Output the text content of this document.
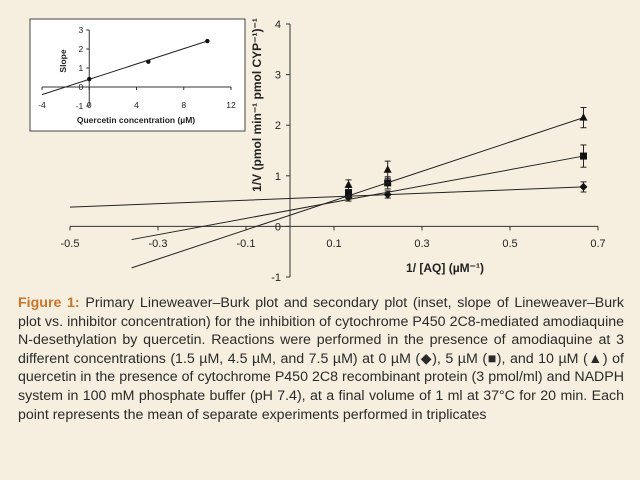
-0.5	-0.3	-0.1	0.1	0.3	0.5	0.7
-1
0
1
2
3
4
1/ [AQ] (µM⁻¹)
1/V (pmol min⁻¹ pmol CYP⁻¹)⁻¹
-4	0	4	8	12
-1
0
1
2
3
Quercetin concentration (µM)
Slope
Figure 1: Primary Lineweaver–Burk plot and secondary plot (inset, slope of Lineweaver–Burk plot vs. inhibitor concentration) for the inhibition of cytochrome P450 2C8-mediated amodiaquine N-desethylation by quercetin. Reactions were performed in the presence of amodiaquine at 3 different concentrations (1.5 µM, 4.5 µM, and 7.5 µM) at 0 µM (◆), 5 µM (■), and 10 µM (▲) of quercetin in the presence of cytochrome P450 2C8 recombinant protein (3 pmol/ml) and NADPH system in 100 mM phosphate buffer (pH 7.4), at a final volume of 1 ml at 37°C for 20 min. Each point represents the mean of separate experiments performed in triplicates
